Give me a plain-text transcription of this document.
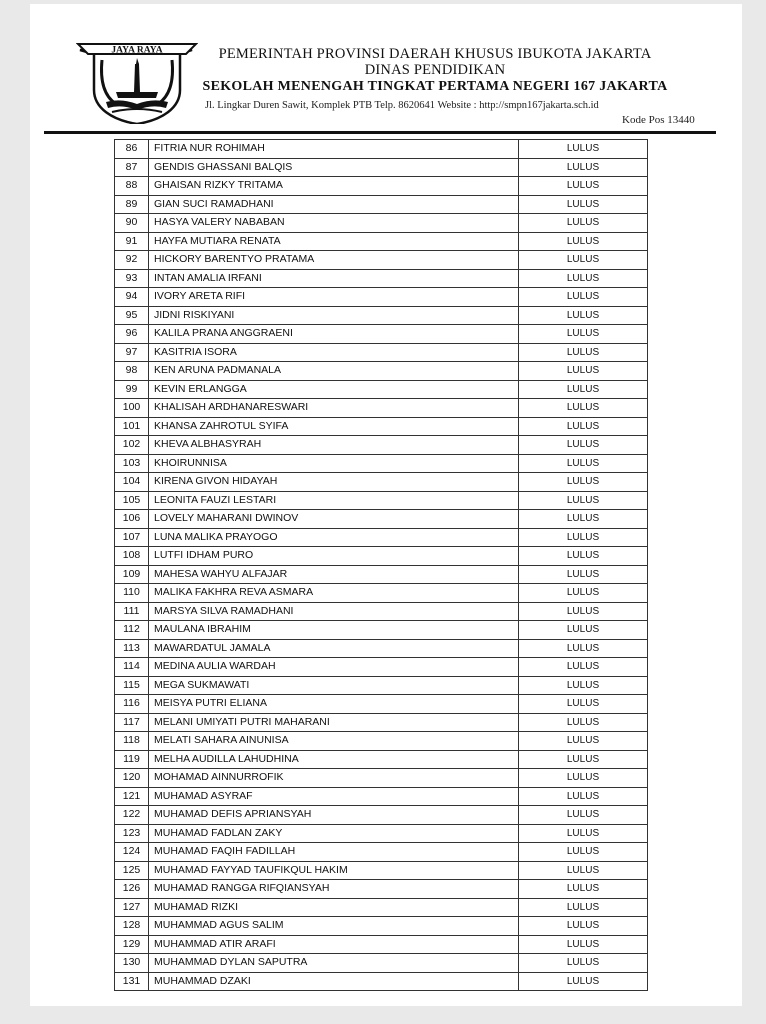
JAYA RAYA	PEMERINTAH PROVINSI DAERAH KHUSUS IBUKOTA JAKARTA
DINAS PENDIDIKAN
SEKOLAH MENENGAH TINGKAT PERTAMA NEGERI 167 JAKARTA
Jl. Lingkar Duren Sawit, Komplek PTB Telp. 8620641 Website : http://smpn167jakarta.sch.id
Kode Pos 13440
86	FITRIA NUR ROHIMAH	LULUS
87	GENDIS GHASSANI BALQIS	LULUS
88	GHAISAN RIZKY TRITAMA	LULUS
89	GIAN SUCI RAMADHANI	LULUS
90	HASYA VALERY NABABAN	LULUS
91	HAYFA MUTIARA RENATA	LULUS
92	HICKORY BARENTYO PRATAMA	LULUS
93	INTAN AMALIA IRFANI	LULUS
94	IVORY ARETA RIFI	LULUS
95	JIDNI RISKIYANI	LULUS
96	KALILA PRANA ANGGRAENI	LULUS
97	KASITRIA ISORA	LULUS
98	KEN ARUNA PADMANALA	LULUS
99	KEVIN ERLANGGA	LULUS
100	KHALISAH ARDHANARESWARI	LULUS
101	KHANSA ZAHROTUL SYIFA	LULUS
102	KHEVA ALBHASYRAH	LULUS
103	KHOIRUNNISA	LULUS
104	KIRENA GIVON HIDAYAH	LULUS
105	LEONITA FAUZI LESTARI	LULUS
106	LOVELY MAHARANI DWINOV	LULUS
107	LUNA MALIKA PRAYOGO	LULUS
108	LUTFI IDHAM PURO	LULUS
109	MAHESA WAHYU ALFAJAR	LULUS
110	MALIKA FAKHRA REVA ASMARA	LULUS
111	MARSYA SILVA RAMADHANI	LULUS
112	MAULANA IBRAHIM	LULUS
113	MAWARDATUL JAMALA	LULUS
114	MEDINA AULIA WARDAH	LULUS
115	MEGA SUKMAWATI	LULUS
116	MEISYA PUTRI ELIANA	LULUS
117	MELANI UMIYATI PUTRI MAHARANI	LULUS
118	MELATI SAHARA AINUNISA	LULUS
119	MELHA AUDILLA LAHUDHINA	LULUS
120	MOHAMAD AINNURROFIK	LULUS
121	MUHAMAD ASYRAF	LULUS
122	MUHAMAD DEFIS APRIANSYAH	LULUS
123	MUHAMAD FADLAN ZAKY	LULUS
124	MUHAMAD FAQIH FADILLAH	LULUS
125	MUHAMAD FAYYAD TAUFIKQUL HAKIM	LULUS
126	MUHAMAD RANGGA RIFQIANSYAH	LULUS
127	MUHAMAD RIZKI	LULUS
128	MUHAMMAD AGUS SALIM	LULUS
129	MUHAMMAD ATIR ARAFI	LULUS
130	MUHAMMAD DYLAN SAPUTRA	LULUS
131	MUHAMMAD DZAKI	LULUS
